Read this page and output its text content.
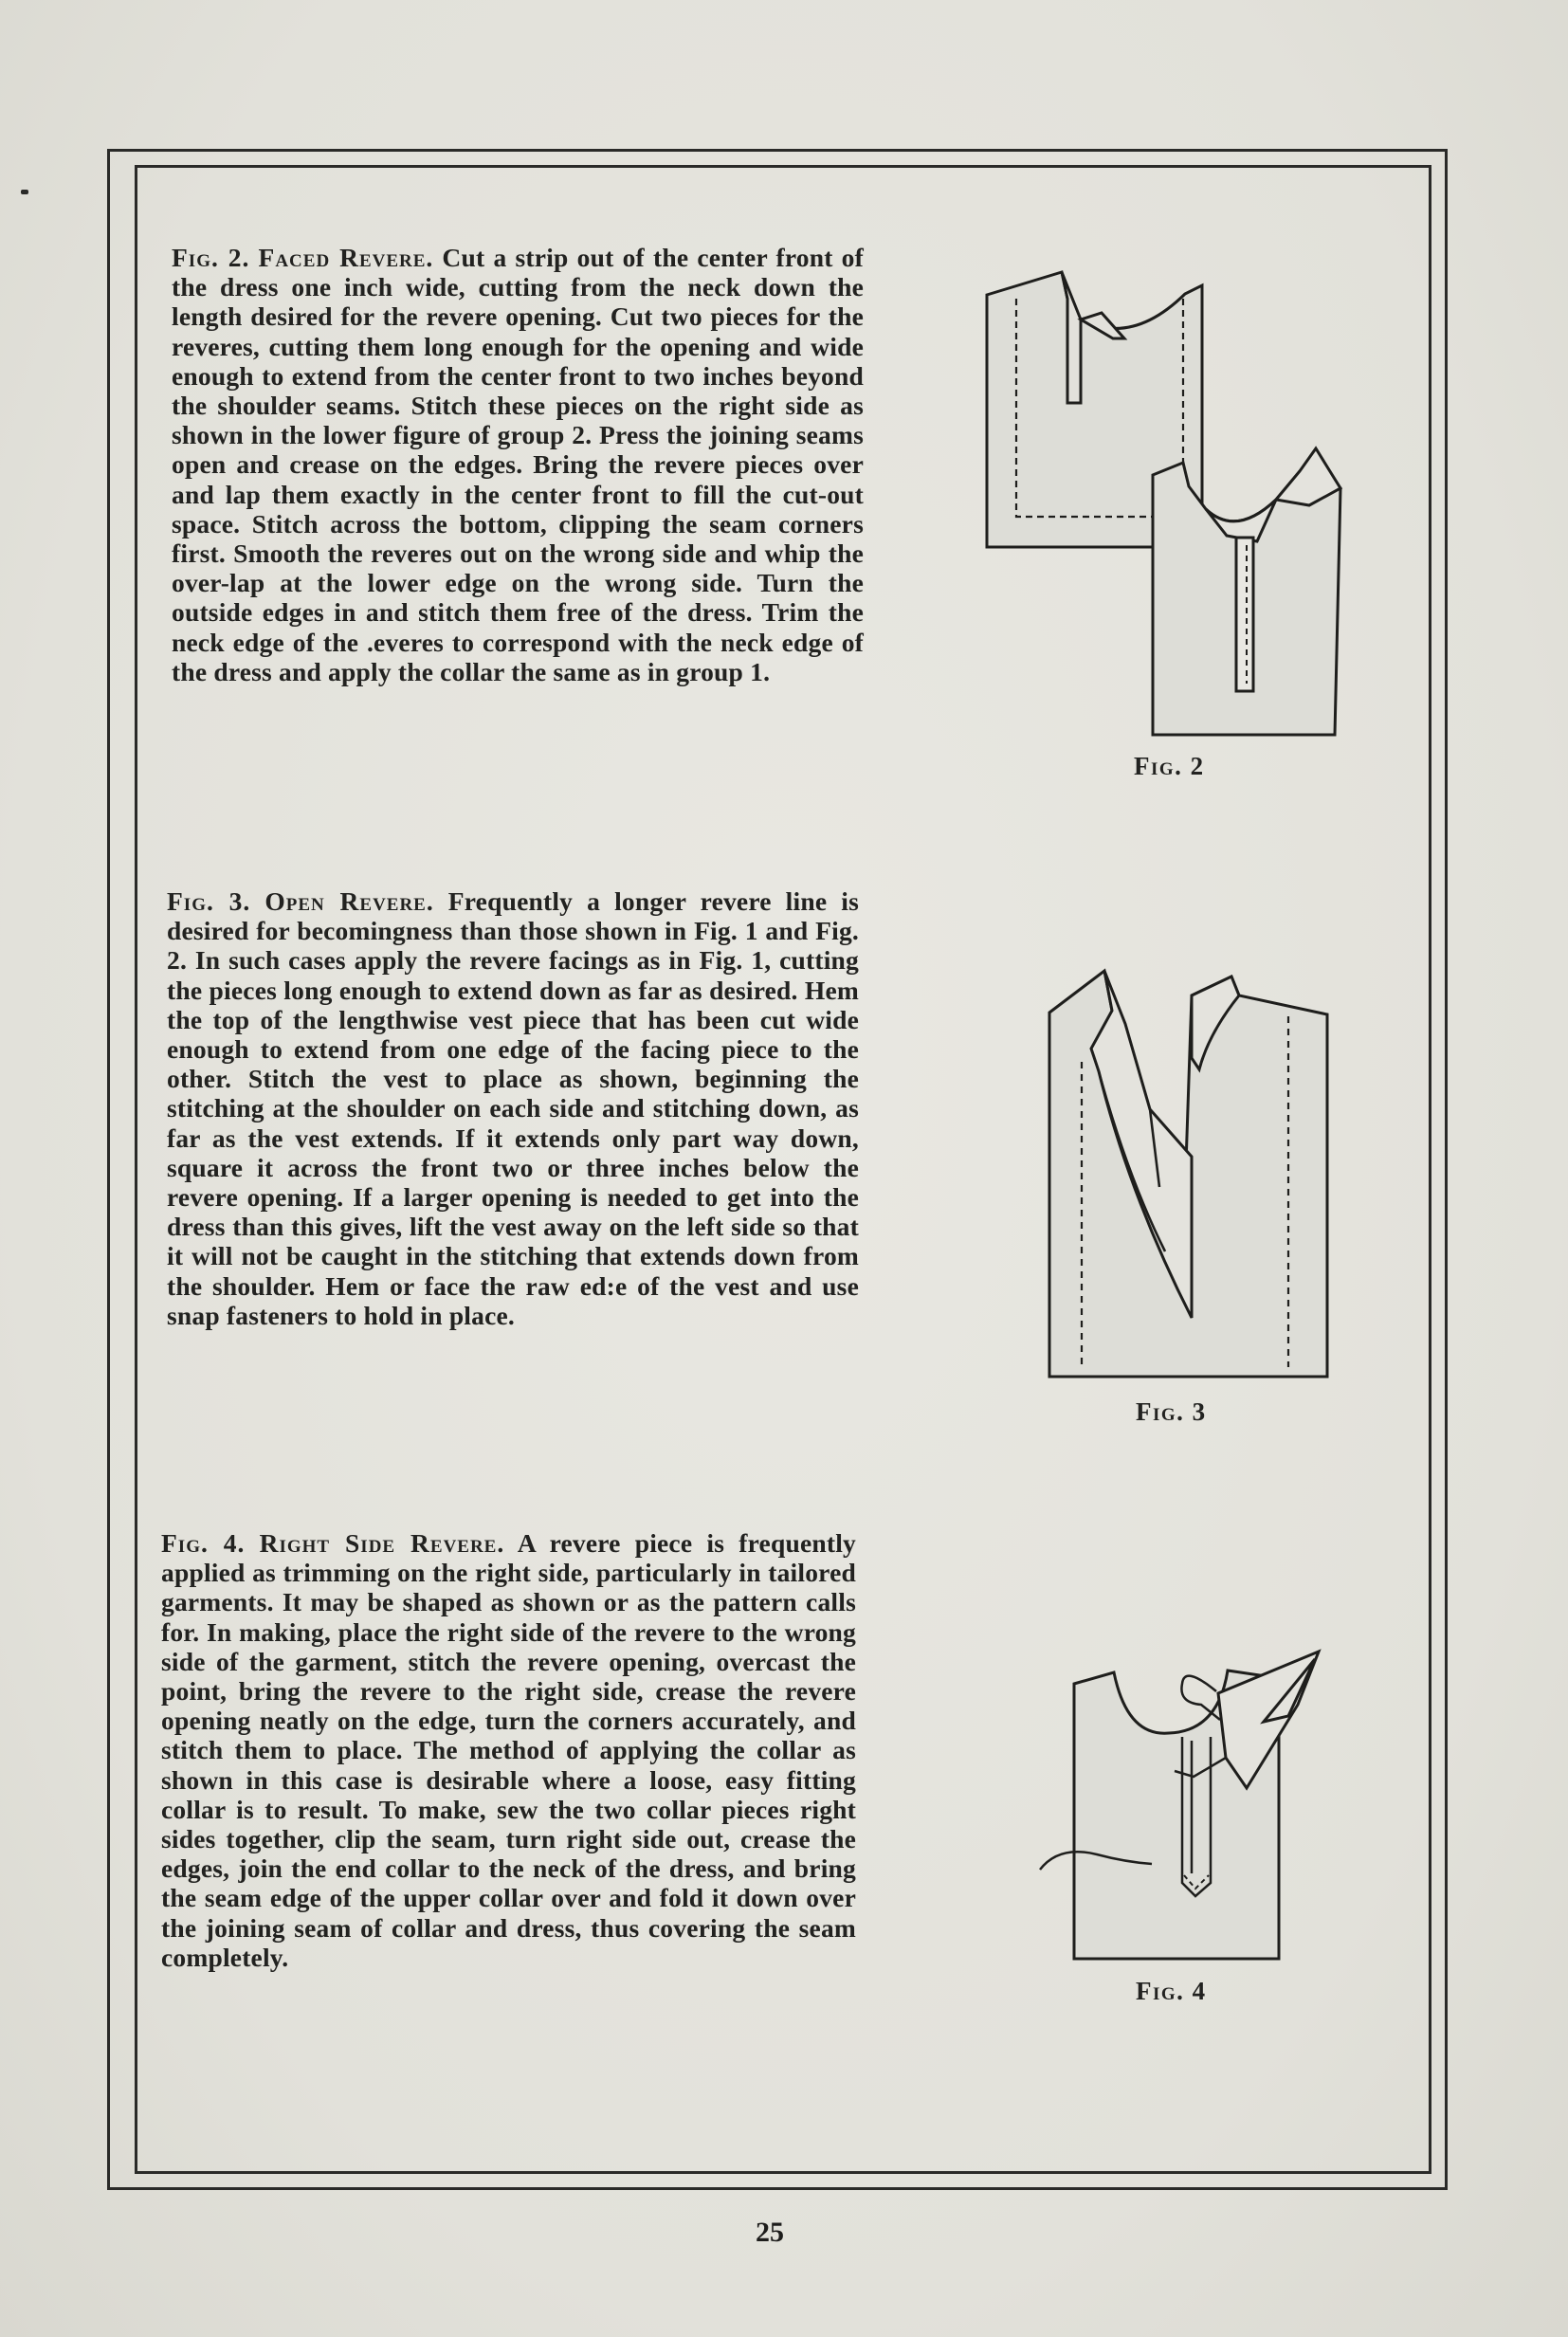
Fig. 2. Faced Revere. Cut a strip out of the center front of the dress one inch wide, cutting from the neck down the length desired for the revere opening. Cut two pieces for the reveres, cutting them long enough for the opening and wide enough to extend from the center front to two inches beyond the shoulder seams. Stitch these pieces on the right side as shown in the lower figure of group 2. Press the joining seams open and crease on the edges. Bring the revere pieces over and lap them exactly in the center front to fill the cut-out space. Stitch across the bottom, clipping the seam corners first. Smooth the reveres out on the wrong side and whip the over-lap at the lower edge on the wrong side. Turn the outside edges in and stitch them free of the dress. Trim the neck edge of the .everes to correspond with the neck edge of the dress and apply the collar the same as in group 1.
Fig. 2
Fig. 3. Open Revere. Frequently a longer revere line is desired for becomingness than those shown in Fig. 1 and Fig. 2. In such cases apply the revere facings as in Fig. 1, cutting the pieces long enough to extend down as far as desired. Hem the top of the lengthwise vest piece that has been cut wide enough to extend from one edge of the facing piece to the other. Stitch the vest to place as shown, beginning the stitching at the shoulder on each side and stitching down, as far as the vest extends. If it extends only part way down, square it across the front two or three inches below the revere opening. If a larger opening is needed to get into the dress than this gives, lift the vest away on the left side so that it will not be caught in the stitching that extends down from the shoulder. Hem or face the raw ed:e of the vest and use snap fasteners to hold in place.
Fig. 3
Fig. 4. Right Side Revere. A revere piece is frequently applied as trimming on the right side, particularly in tailored garments. It may be shaped as shown or as the pattern calls for. In making, place the right side of the revere to the wrong side of the garment, stitch the revere opening, overcast the point, bring the revere to the right side, crease the revere opening neatly on the edge, turn the corners accurately, and stitch them to place. The method of applying the collar as shown in this case is desirable where a loose, easy fitting collar is to result. To make, sew the two collar pieces right sides together, clip the seam, turn right side out, crease the edges, join the end collar to the neck of the dress, and bring the seam edge of the upper collar over and fold it down over the joining seam of collar and dress, thus covering the seam completely.
Fig. 4
25
